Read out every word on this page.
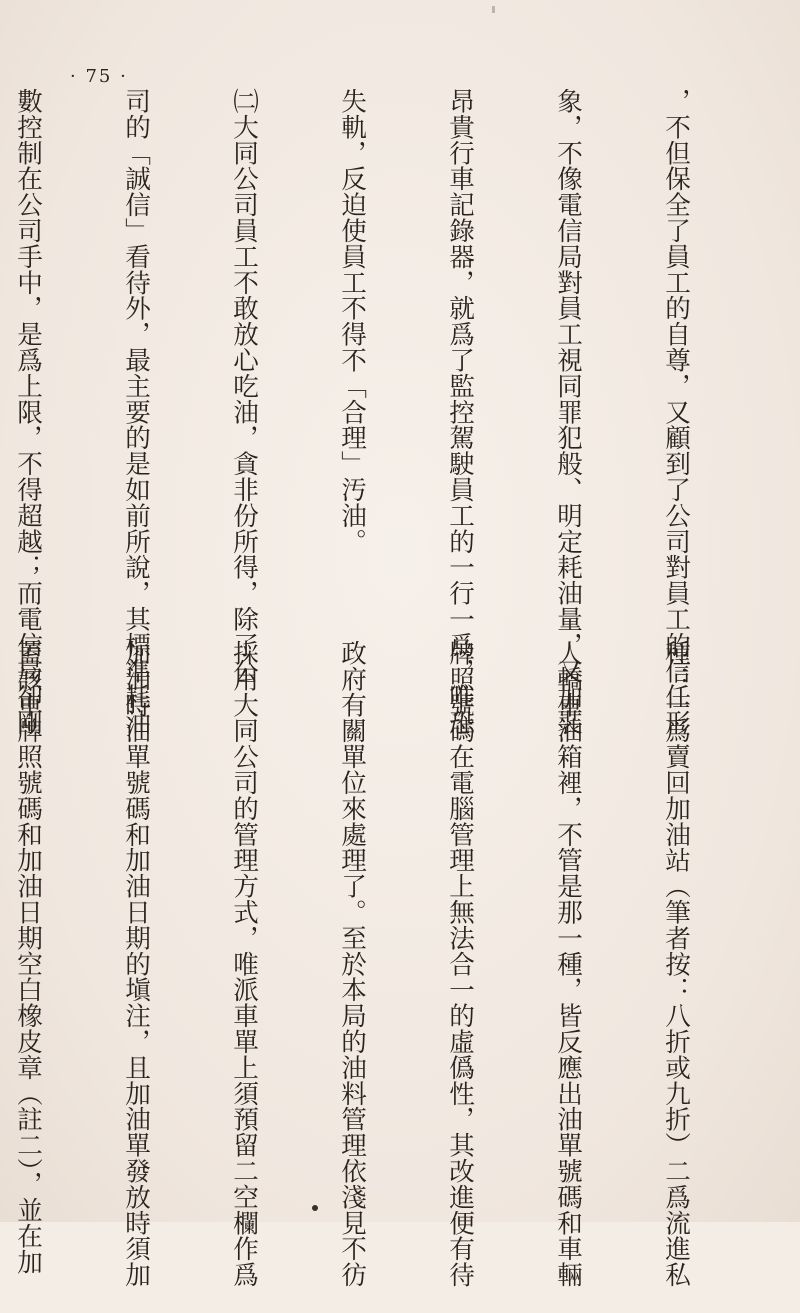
· 75 ·

，不但保全了員工的自尊，又顧到了公司對員工的信任形

象，不像電信局對員工視同罪犯般、明定耗油量，又加裝

昂貴行車記錄器，就爲了監控駕駛員工的一行一爲，唯恐

失軌，反迫使員工不得不「合理」汚油。

㈡大同公司員工不敢放心吃油，貪非份所得，除了公

司的「誠信」看待外，最主要的是如前所說，其標準耗油

數控制在公司手中，是爲上限，不得超越；而電信局卻剛

種：一爲賣回加油站（筆者按：八折或九折）二爲流進私

人轎車油箱裡，不管是那一種，皆反應出油單號碼和車輛

牌照號碼在電腦管理上無法合一的虛僞性，其改進便有待

政府有關單位來處理了。至於本局的油料管理依淺見不彷

採用大同公司的管理方式，唯派車單上須預留二空欄作爲

加油時油單號碼和加油日期的塡注，且加油單發放時須加

蓋該車牌照號碼和加油日期空白橡皮章（註二），並在加
